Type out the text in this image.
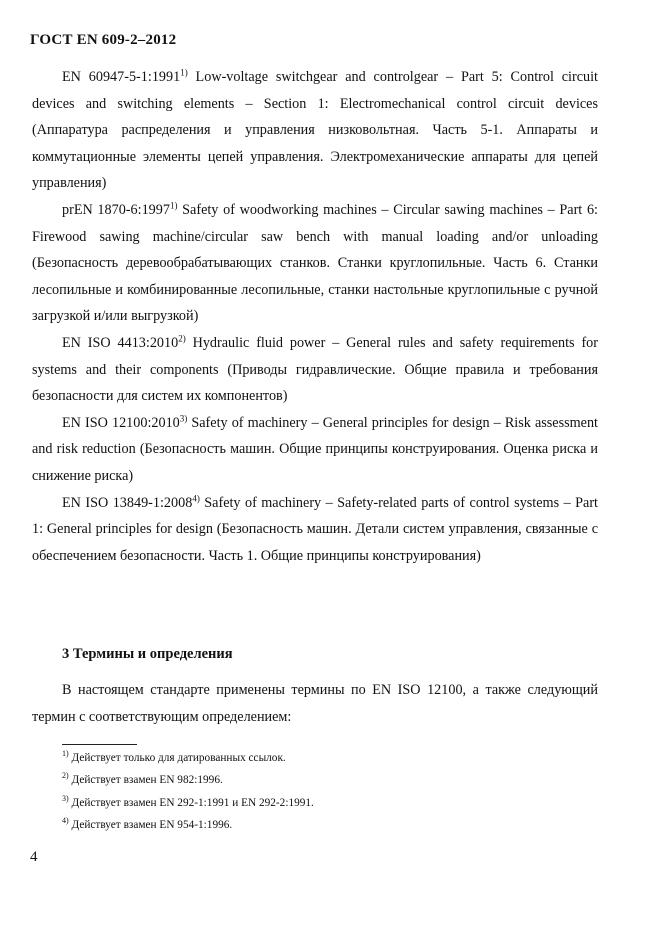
ГОСТ EN 609-2–2012

EN 60947-5-1:1991$^{1)}$ Low-voltage switchgear and controlgear – Part 5: Control circuit devices and switching elements – Section 1: Electromechanical control circuit devices (Аппаратура распределения и управления низковольтная. Часть 5-1. Аппараты и коммутационные элементы цепей управления. Электромеханические аппараты для цепей управления)

prEN 1870-6:1997$^{1)}$ Safety of woodworking machines – Circular sawing machines – Part 6: Firewood sawing machine/circular saw bench with manual loading and/or unloading (Безопасность деревообрабатывающих станков. Станки круглопильные. Часть 6. Станки лесопильные и комбинированные лесопильные, станки настольные круглопильные с ручной загрузкой и/или выгрузкой)

EN ISO 4413:2010$^{2)}$ Hydraulic fluid power – General rules and safety requirements for systems and their components (Приводы гидравлические. Общие правила и требования безопасности для систем их компонентов)

EN ISO 12100:2010$^{3)}$ Safety of machinery – General principles for design – Risk assessment and risk reduction (Безопасность машин. Общие принципы конструирования. Оценка риска и снижение риска)

EN ISO 13849-1:2008$^{4)}$ Safety of machinery – Safety-related parts of control systems – Part 1: General principles for design (Безопасность машин. Детали систем управления, связанные с обеспечением безопасности. Часть 1. Общие принципы конструирования)

3 Термины и определения

В настоящем стандарте применены термины по EN ISO 12100, а также следующий термин с соответствующим определением:

$^{1)}$ Действует только для датированных ссылок.
$^{2)}$ Действует взамен EN 982:1996.
$^{3)}$ Действует взамен EN 292-1:1991 и EN 292-2:1991.
$^{4)}$ Действует взамен EN 954-1:1996.
4
